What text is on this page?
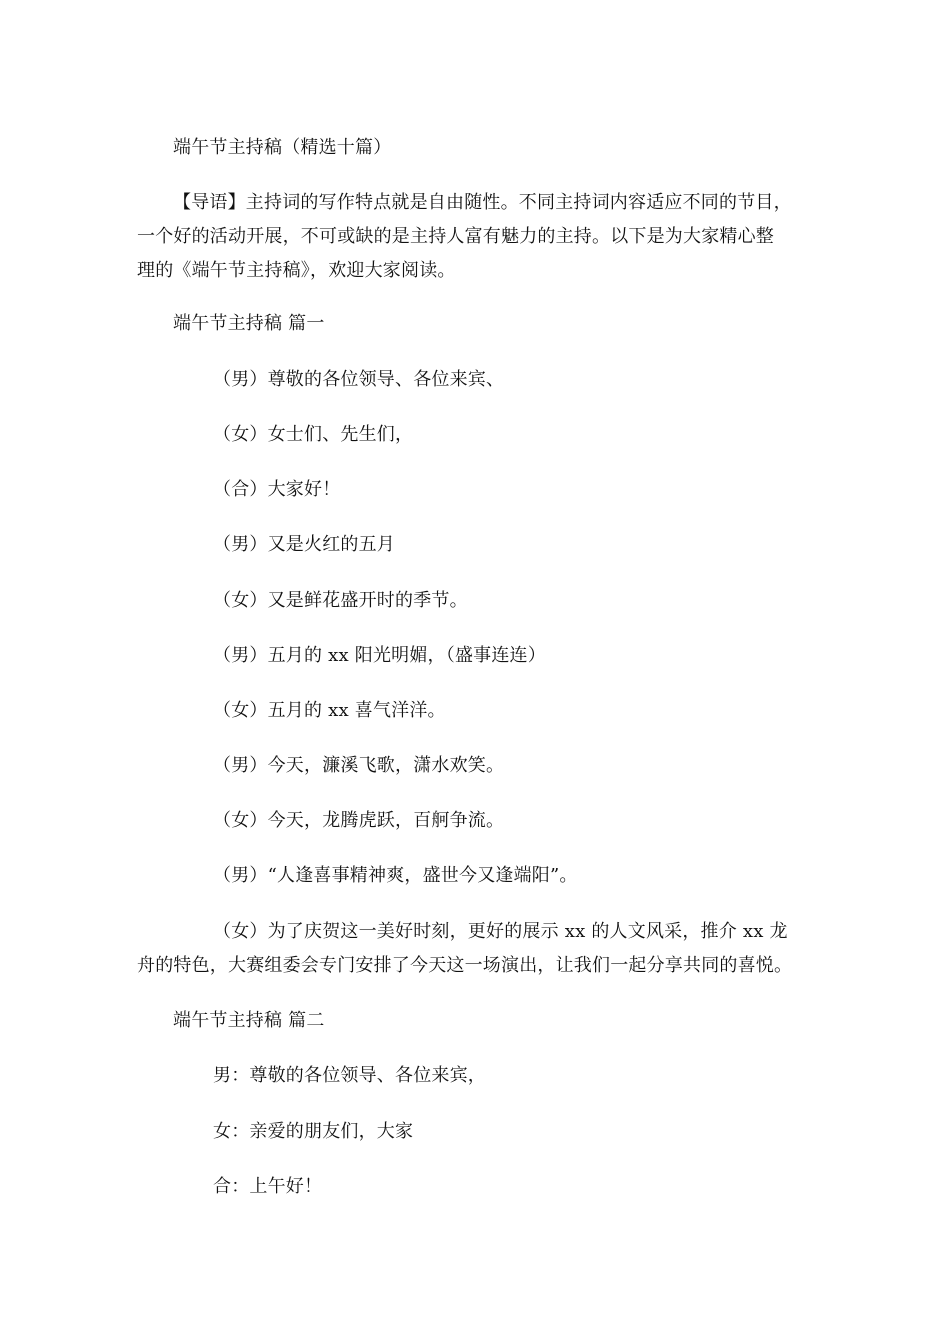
端午节主持稿（精选十篇）

【导语】主持词的写作特点就是自由随性。不同主持词内容适应不同的节目，

一个好的活动开展，不可或缺的是主持人富有魅力的主持。以下是为大家精心整

理的《端午节主持稿》，欢迎大家阅读。

端午节主持稿 篇一
（男）尊敬的各位领导、各位来宾、
（女）女士们、先生们，
（合）大家好！
（男）又是火红的五月
（女）又是鲜花盛开时的季节。
（男）五月的 xx 阳光明媚，（盛事连连）
（女）五月的 xx 喜气洋洋。
（男）今天，濂溪飞歌，潇水欢笑。
（女）今天，龙腾虎跃，百舸争流。
（男）“人逢喜事精神爽，盛世今又逢端阳”。

（女）为了庆贺这一美好时刻，更好的展示 xx 的人文风采，推介 xx 龙

舟的特色，大赛组委会专门安排了今天这一场演出，让我们一起分享共同的喜悦。

端午节主持稿 篇二
男：尊敬的各位领导、各位来宾，
女：亲爱的朋友们，大家
合：上午好！
